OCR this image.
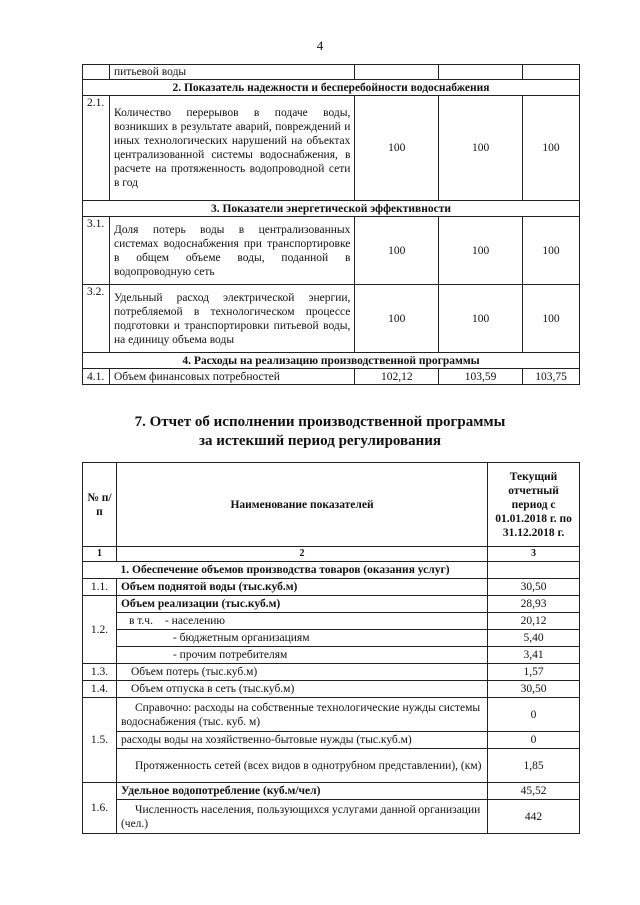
4
	питьевой воды			
2. Показатель надежности и бесперебойности водоснабжения				
2.1.	Количество перерывов в подаче воды, возникших в результате аварий, повреждений и иных технологических нарушений на объектах централизованной системы водоснабжения, в расчете на протяженность водопроводной сети в год	100	100	100
3. Показатели энергетической эффективности				
3.1.	Доля потерь воды в централизованных системах водоснабжения при транспортировке в общем объеме воды, поданной в водопроводную сеть	100	100	100
3.2.	Удельный расход электрической энергии, потребляемой в технологическом процессе подготовки и транспортировки питьевой воды, на единицу объема воды	100	100	100
4. Расходы на реализацию производственной программы				
4.1.	Объем финансовых потребностей	102,12	103,59	103,75
7. Отчет об исполнении производственной программы
за истекший период регулирования
№ п/п	Наименование показателей	Текущий отчетный период с 01.01.2018 г. по 31.12.2018 г.
1	2	3
1. Обеспечение объемов производства товаров (оказания услуг)		
1.1.	Объем поднятой воды (тыс.куб.м)	30,50
1.2.	Объем реализации (тыс.куб.м)	28,93
	в т.ч. - населению	20,12
	- бюджетным организациям	5,40
	- прочим потребителям	3,41
1.3.	Объем потерь (тыс.куб.м)	1,57
1.4.	Объем отпуска в сеть (тыс.куб.м)	30,50
1.5.	Справочно: расходы на собственные технологические нужды системы водоснабжения (тыс. куб. м)	0
	расходы воды на хозяйственно-бытовые нужды (тыс.куб.м)	0
	Протяженность сетей (всех видов в однотрубном представлении), (км)	1,85
1.6.	Удельное водопотребление (куб.м/чел)	45,52
	Численность населения, пользующихся услугами данной организации (чел.)	442
